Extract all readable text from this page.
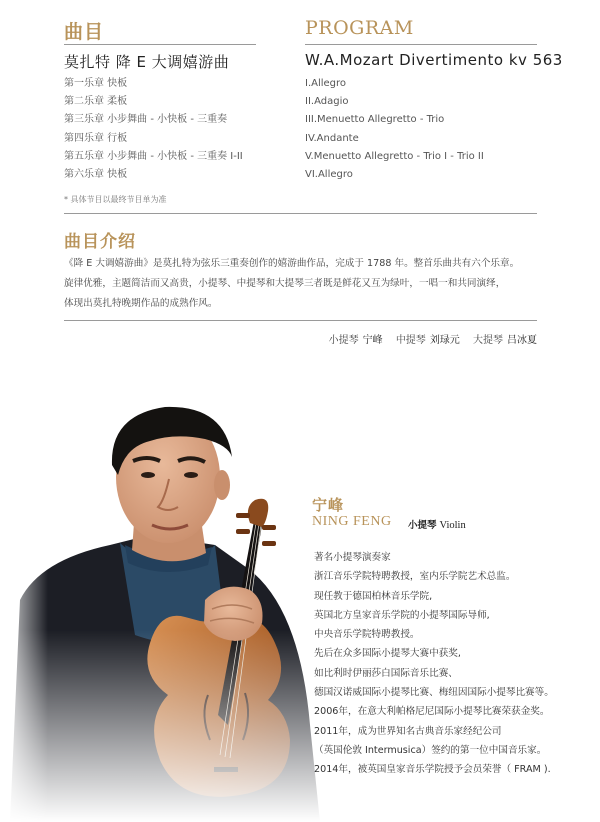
曲目	PROGRAM
莫扎特 降 E 大调嬉游曲	W.A.Mozart Divertimento kv 563
第一乐章 快板
第二乐章 柔板
第三乐章 小步舞曲 - 小快板 - 三重奏
第四乐章 行板
第五乐章 小步舞曲 - 小快板 - 三重奏 I-II
第六乐章 快板
I.Allegro
II.Adagio
III.Menuetto Allegretto - Trio
IV.Andante
V.Menuetto Allegretto - Trio I - Trio II
VI.Allegro
* 具体节目以最终节目单为准
曲目介绍

《降 E 大调嬉游曲》是莫扎特为弦乐三重奏创作的嬉游曲作品，完成于 1788 年。整首乐曲共有六个乐章。

旋律优雅，主题简洁而又高贵，小提琴、中提琴和大提琴三者既是鲜花又互为绿叶，一唱一和共同演绎，

体现出莫扎特晚期作品的成熟作风。

小提琴 宁峰 中提琴 刘琭元 大提琴 吕冰夏
宁峰
NING FENG 小提琴 Violin
著名小提琴演奏家
浙江音乐学院特聘教授，室内乐学院艺术总监。
现任教于德国柏林音乐学院,
英国北方皇家音乐学院的小提琴国际导师,
中央音乐学院特聘教授。
先后在众多国际小提琴大赛中获奖,
如比利时伊丽莎白国际音乐比赛、
德国汉诺威国际小提琴比赛、梅纽因国际小提琴比赛等。
2006年，在意大利帕格尼尼国际小提琴比赛荣获金奖。
2011年，成为世界知名古典音乐家经纪公司
（英国伦敦 Intermusica）签约的第一位中国音乐家。
2014年，被英国皇家音乐学院授予会员荣誉（ FRAM ).
